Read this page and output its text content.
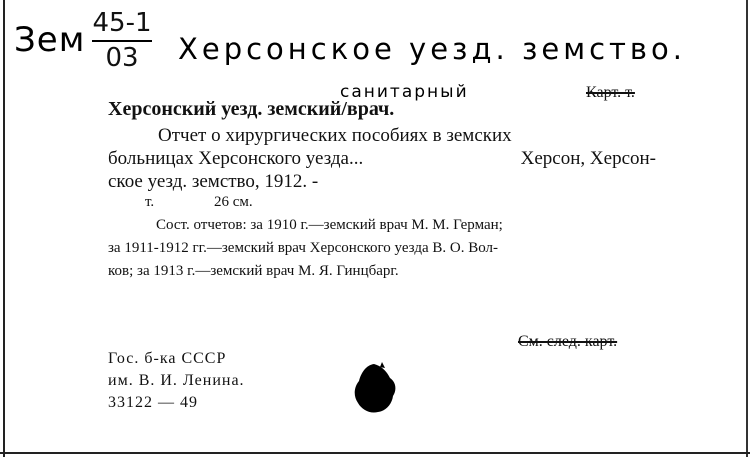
Зем 45-1
03	Херсонское уезд. земство.
санитарный	Карт. т.
Херсонский уезд. земский/врач.
Отчет о хирургических пособиях в земских
больницах Херсонского уезда...	Херсон, Херсон-
ское уезд. земство, 1912. -
т.	26 см.
Сост. отчетов: за 1910 г.—земский врач М. М. Герман;
за 1911-1912 гг.—земский врач Херсонского уезда В. О. Вол-
ков; за 1913 г.—земский врач М. Я. Гинцбарг.
См. след. карт.
Гос. б-ка СССР
им. В. И. Ленина.
33122 — 49
